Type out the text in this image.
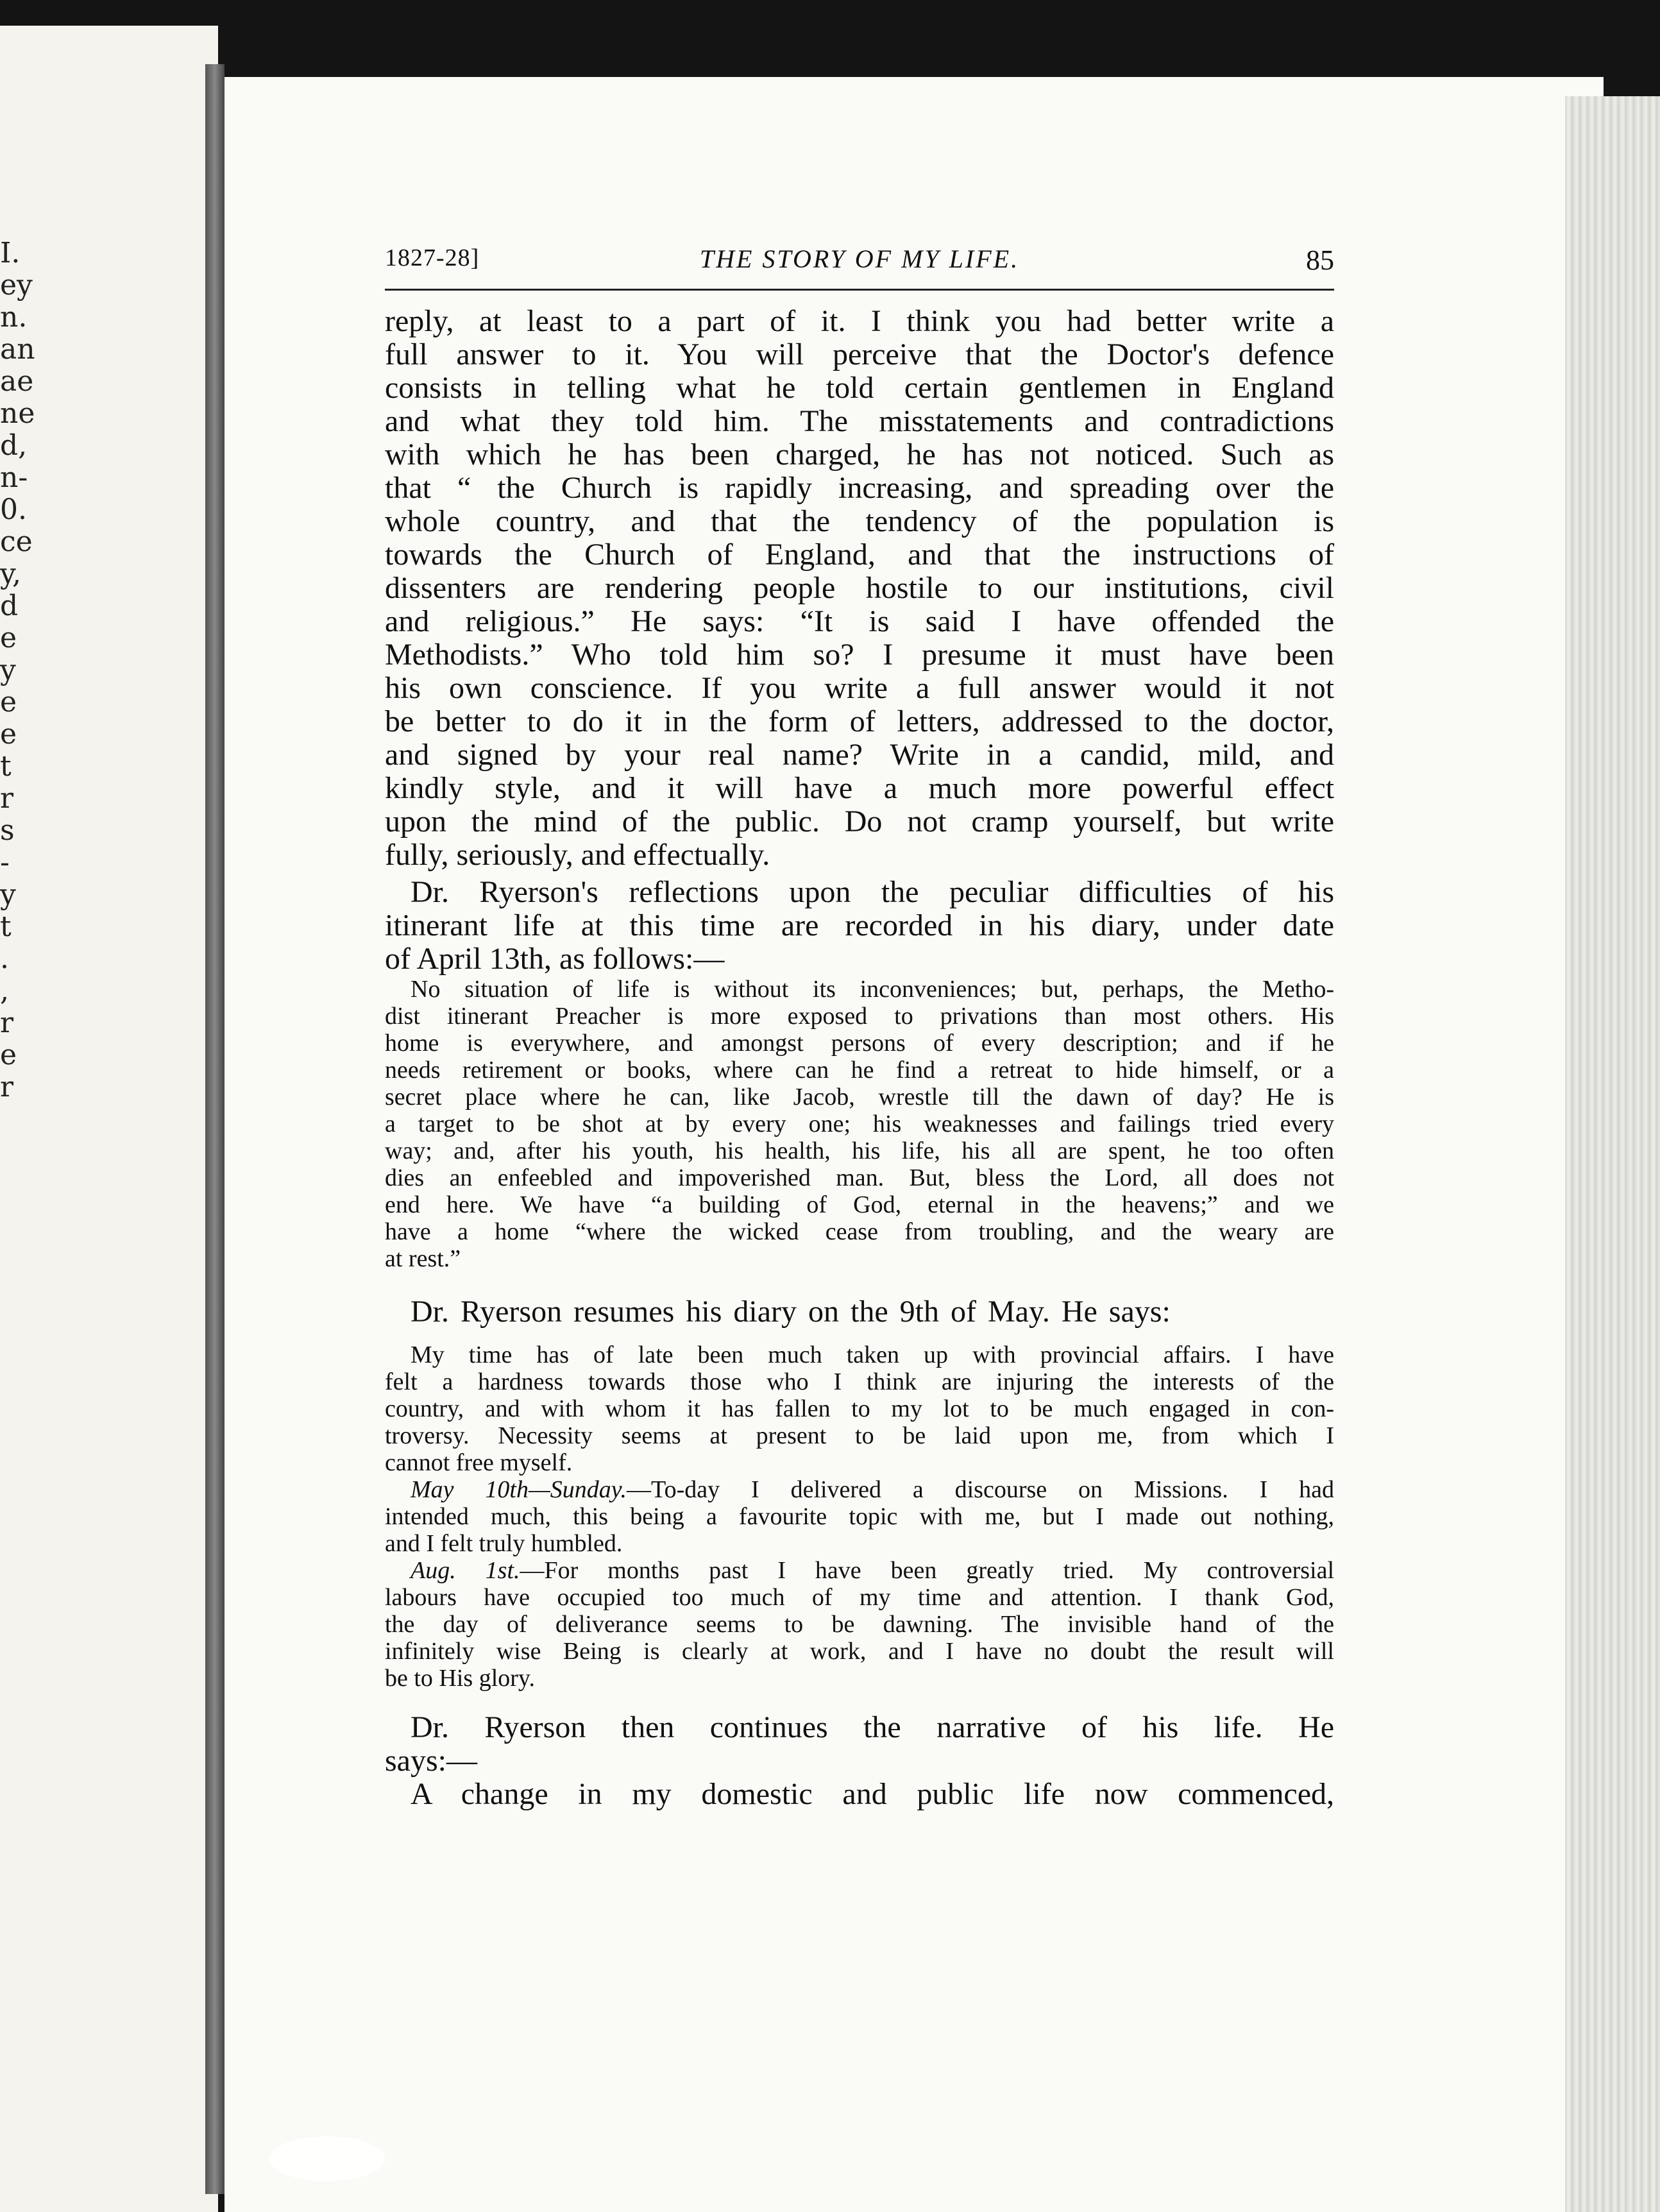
I.
ey
n.
an
ae
ne
d,
n-
0.
ce
y,
d
e
y
e
e
t
r
s
-
y
t
.
,
r
e
r
1827-28]	THE STORY OF MY LIFE.	85

reply, at least to a part of it. I think you had better write a
full answer to it. You will perceive that the Doctor's defence
consists in telling what he told certain gentlemen in England
and what they told him. The misstatements and contradictions
with which he has been charged, he has not noticed. Such as
that “ the Church is rapidly increasing, and spreading over the
whole country, and that the tendency of the population is
towards the Church of England, and that the instructions of
dissenters are rendering people hostile to our institutions, civil
and religious.” He says: “It is said I have offended the
Methodists.” Who told him so? I presume it must have been
his own conscience. If you write a full answer would it not
be better to do it in the form of letters, addressed to the doctor,
and signed by your real name? Write in a candid, mild, and
kindly style, and it will have a much more powerful effect
upon the mind of the public. Do not cramp yourself, but write
fully, seriously, and effectually.

Dr. Ryerson's reflections upon the peculiar difficulties of his
itinerant life at this time are recorded in his diary, under date
of April 13th, as follows:—

No situation of life is without its inconveniences; but, perhaps, the Metho-
dist itinerant Preacher is more exposed to privations than most others. His
home is everywhere, and amongst persons of every description; and if he
needs retirement or books, where can he find a retreat to hide himself, or a
secret place where he can, like Jacob, wrestle till the dawn of day? He is
a target to be shot at by every one; his weaknesses and failings tried every
way; and, after his youth, his health, his life, his all are spent, he too often
dies an enfeebled and impoverished man. But, bless the Lord, all does not
end here. We have “a building of God, eternal in the heavens;” and we
have a home “where the wicked cease from troubling, and the weary are
at rest.”

Dr. Ryerson resumes his diary on the 9th of May. He says:

My time has of late been much taken up with provincial affairs. I have
felt a hardness towards those who I think are injuring the interests of the
country, and with whom it has fallen to my lot to be much engaged in con-
troversy. Necessity seems at present to be laid upon me, from which I
cannot free myself.

May 10th—Sunday.—To-day I delivered a discourse on Missions. I had
intended much, this being a favourite topic with me, but I made out nothing,
and I felt truly humbled.

Aug. 1st.—For months past I have been greatly tried. My controversial
labours have occupied too much of my time and attention. I thank God,
the day of deliverance seems to be dawning. The invisible hand of the
infinitely wise Being is clearly at work, and I have no doubt the result will
be to His glory.

Dr. Ryerson then continues the narrative of his life. He
says:—

A change in my domestic and public life now commenced,
